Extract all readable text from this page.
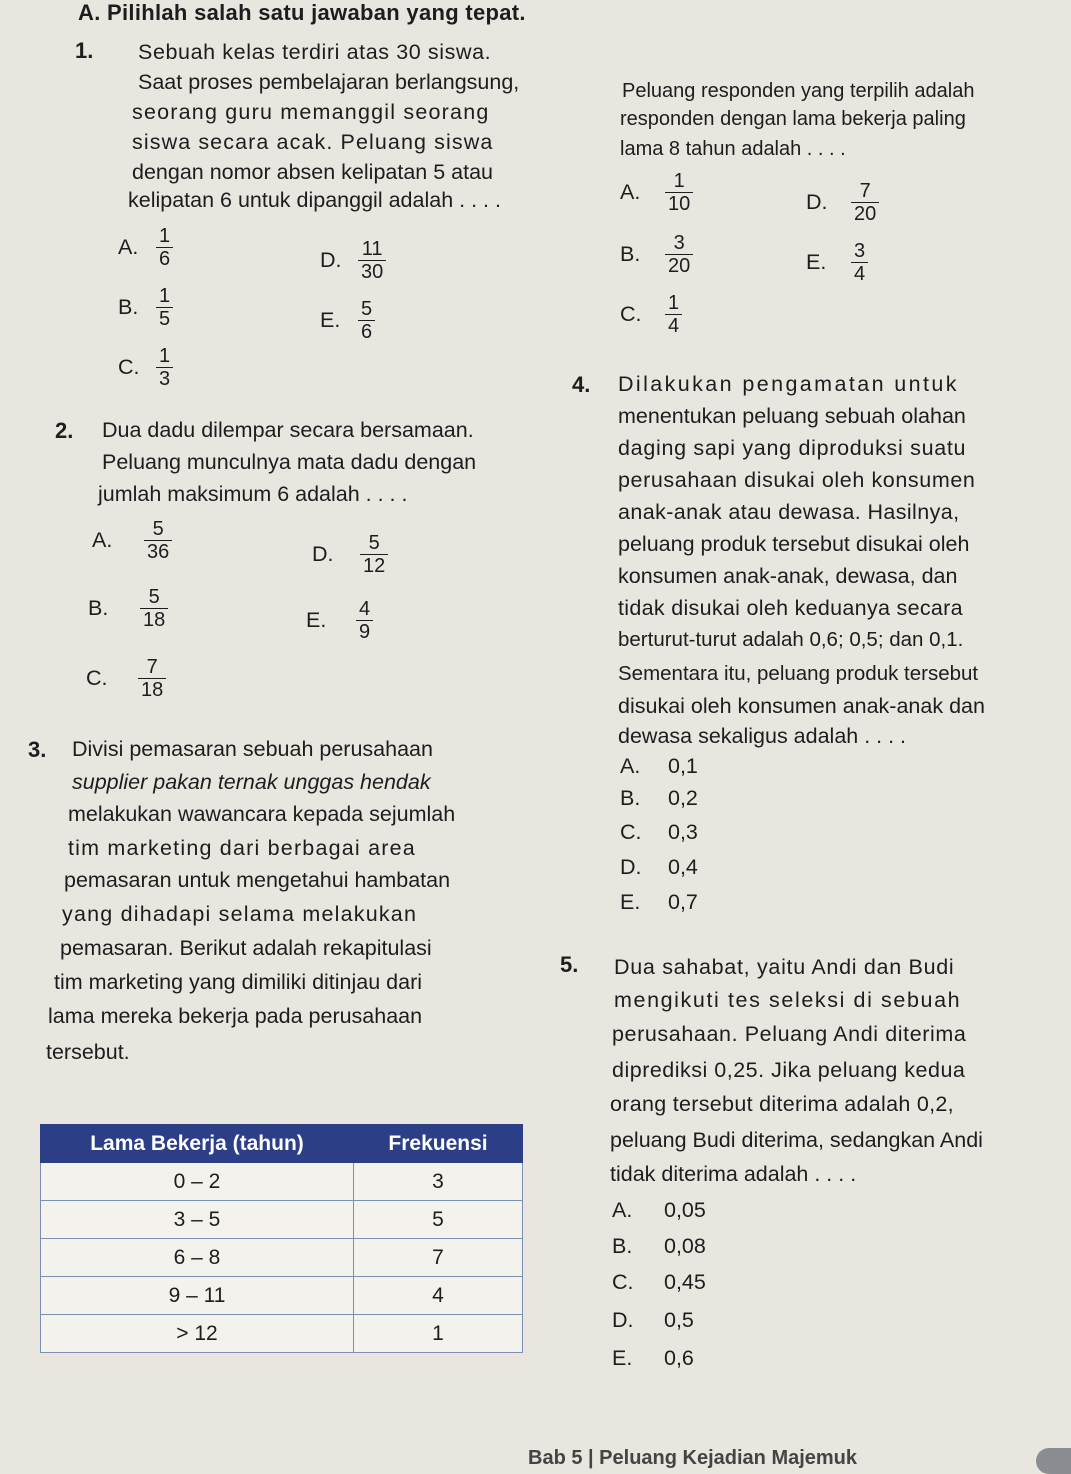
A. Pilihlah salah satu jawaban yang tepat.
1. Sebuah kelas terdiri atas 30 siswa.
Saat proses pembelajaran berlangsung,
seorang guru memanggil seorang
siswa secara acak. Peluang siswa
dengan nomor absen kelipatan 5 atau
kelipatan 6 untuk dipanggil adalah . . . .
A. $\frac{1}{6}$
B. $\frac{1}{5}$
C. $\frac{1}{3}$
D. $\frac{11}{30}$
E. $\frac{5}{6}$
2. Dua dadu dilempar secara bersamaan.
Peluang munculnya mata dadu dengan
jumlah maksimum 6 adalah . . . .
A.	$\frac{5}{36}$
B.	$\frac{5}{18}$
C.	$\frac{7}{18}$
D.	$\frac{5}{12}$
E.	$\frac{4}{9}$
3. Divisi pemasaran sebuah perusahaan
supplier pakan ternak unggas hendak
melakukan wawancara kepada sejumlah
tim marketing dari berbagai area
pemasaran untuk mengetahui hambatan
yang dihadapi selama melakukan
pemasaran. Berikut adalah rekapitulasi
tim marketing yang dimiliki ditinjau dari
lama mereka bekerja pada perusahaan
tersebut.
Lama Bekerja (tahun)	Frekuensi
0 – 2	3
3 – 5	5
6 – 8	7
9 – 11	4
> 12	1
Peluang responden yang terpilih adalah
responden dengan lama bekerja paling
lama 8 tahun adalah . . . .
A.	$\frac{1}{10}$
B.	$\frac{3}{20}$
C.	$\frac{1}{4}$
D.	$\frac{7}{20}$
E.	$\frac{3}{4}$
4. Dilakukan pengamatan untuk
menentukan peluang sebuah olahan
daging sapi yang diproduksi suatu
perusahaan disukai oleh konsumen
anak-anak atau dewasa. Hasilnya,
peluang produk tersebut disukai oleh
konsumen anak-anak, dewasa, dan
tidak disukai oleh keduanya secara
berturut-turut adalah 0,6; 0,5; dan 0,1.
Sementara itu, peluang produk tersebut
disukai oleh konsumen anak-anak dan
dewasa sekaligus adalah . . . .
A. 0,1
B. 0,2
C. 0,3
D. 0,4
E. 0,7
5. Dua sahabat, yaitu Andi dan Budi
mengikuti tes seleksi di sebuah
perusahaan. Peluang Andi diterima
diprediksi 0,25. Jika peluang kedua
orang tersebut diterima adalah 0,2,
peluang Budi diterima, sedangkan Andi
tidak diterima adalah . . . .
A. 0,05
B. 0,08
C. 0,45
D. 0,5
E. 0,6
Bab 5 | Peluang Kejadian Majemuk
